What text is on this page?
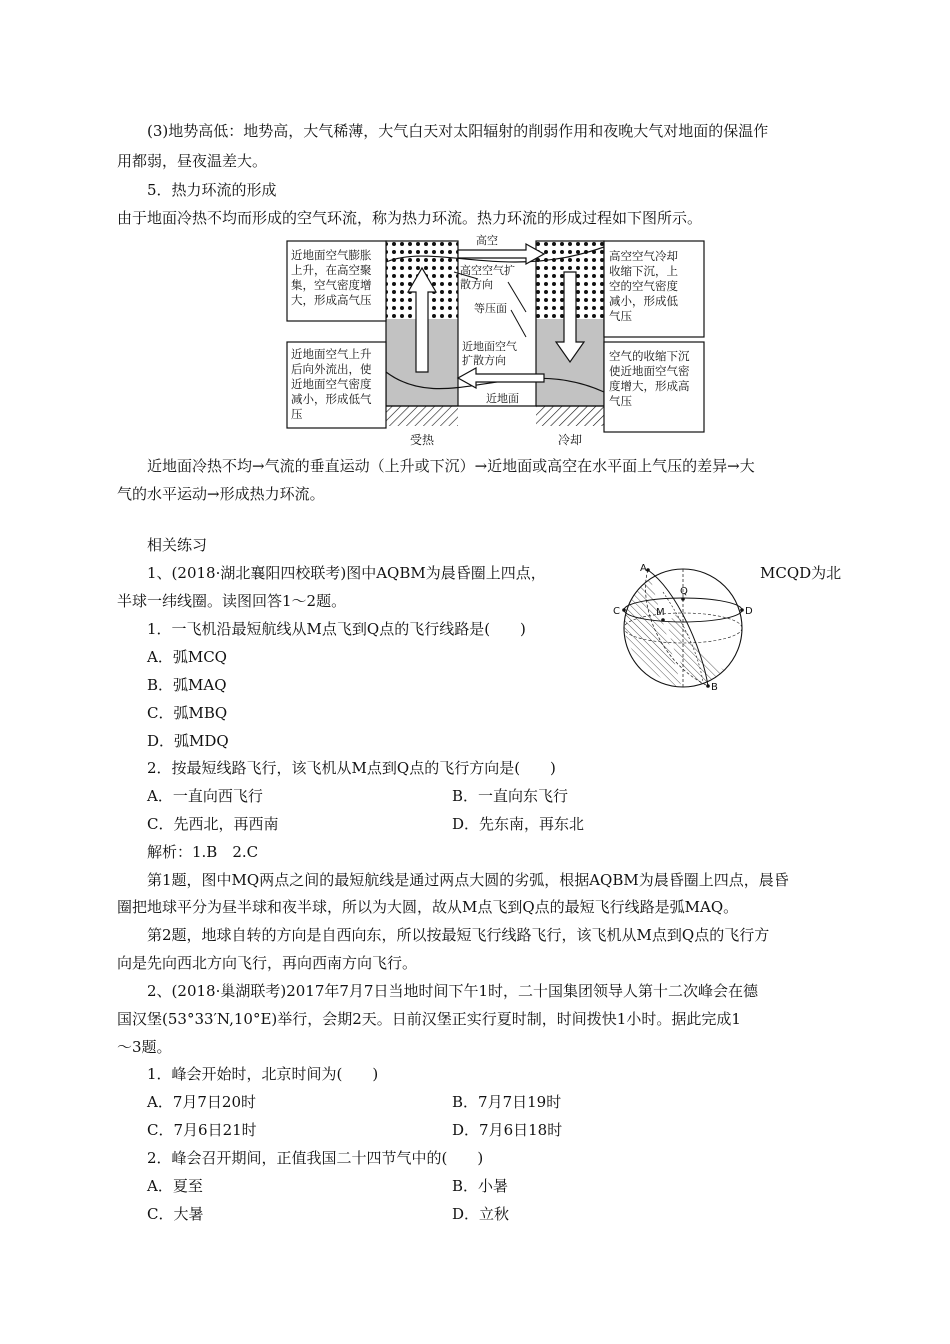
(3)地势高低：地势高，大气稀薄，大气白天对太阳辐射的削弱作用和夜晚大气对地面的保温作
用都弱，昼夜温差大。
5．热力环流的形成
由于地面冷热不均而形成的空气环流，称为热力环流。热力环流的形成过程如下图所示。
近地面空气膨胀 上升，在高空聚 集，空气密度增 大，形成高气压
近地面空气上升 后向外流出，使 近地面空气密度 减小，形成低气 压
高空空气冷却 收缩下沉，上 空的空气密度 减小，形成低 气压
空气的收缩下沉 使近地面空气密 度增大，形成高 气压
高空
高空空气扩 散方向
等压面
近地面空气 扩散方向
近地面
受热	冷却
近地面冷热不均→气流的垂直运动（上升或下沉）→近地面或高空在水平面上气压的差异→大
气的水平运动→形成热力环流。
相关练习
1、(2018·湖北襄阳四校联考)图中AQBM为晨昏圈上四点，	MCQD为北
半球一纬线圈。读图回答1～2题。
A
B
C	D
M
Q
1．一飞机沿最短航线从M点飞到Q点的飞行线路是(　　)
A．弧MCQ
B．弧MAQ
C．弧MBQ
D．弧MDQ
2．按最短线路飞行，该飞机从M点到Q点的飞行方向是(　　)
A．一直向西飞行	B．一直向东飞行
C．先西北，再西南	D．先东南，再东北
解析：1.B　2.C
第1题，图中MQ两点之间的最短航线是通过两点大圆的劣弧，根据AQBM为晨昏圈上四点，晨昏
圈把地球平分为昼半球和夜半球，所以为大圆，故从M点飞到Q点的最短飞行线路是弧MAQ。
第2题，地球自转的方向是自西向东，所以按最短飞行线路飞行，该飞机从M点到Q点的飞行方
向是先向西北方向飞行，再向西南方向飞行。
2、(2018·巢湖联考)2017年7月7日当地时间下午1时，二十国集团领导人第十二次峰会在德
国汉堡(53°33′N,10°E)举行，会期2天。日前汉堡正实行夏时制，时间拨快1小时。据此完成1
～3题。
1．峰会开始时，北京时间为(　　)
A．7月7日20时	B．7月7日19时
C．7月6日21时	D．7月6日18时
2．峰会召开期间，正值我国二十四节气中的(　　)
A．夏至	B．小暑
C．大暑	D．立秋
